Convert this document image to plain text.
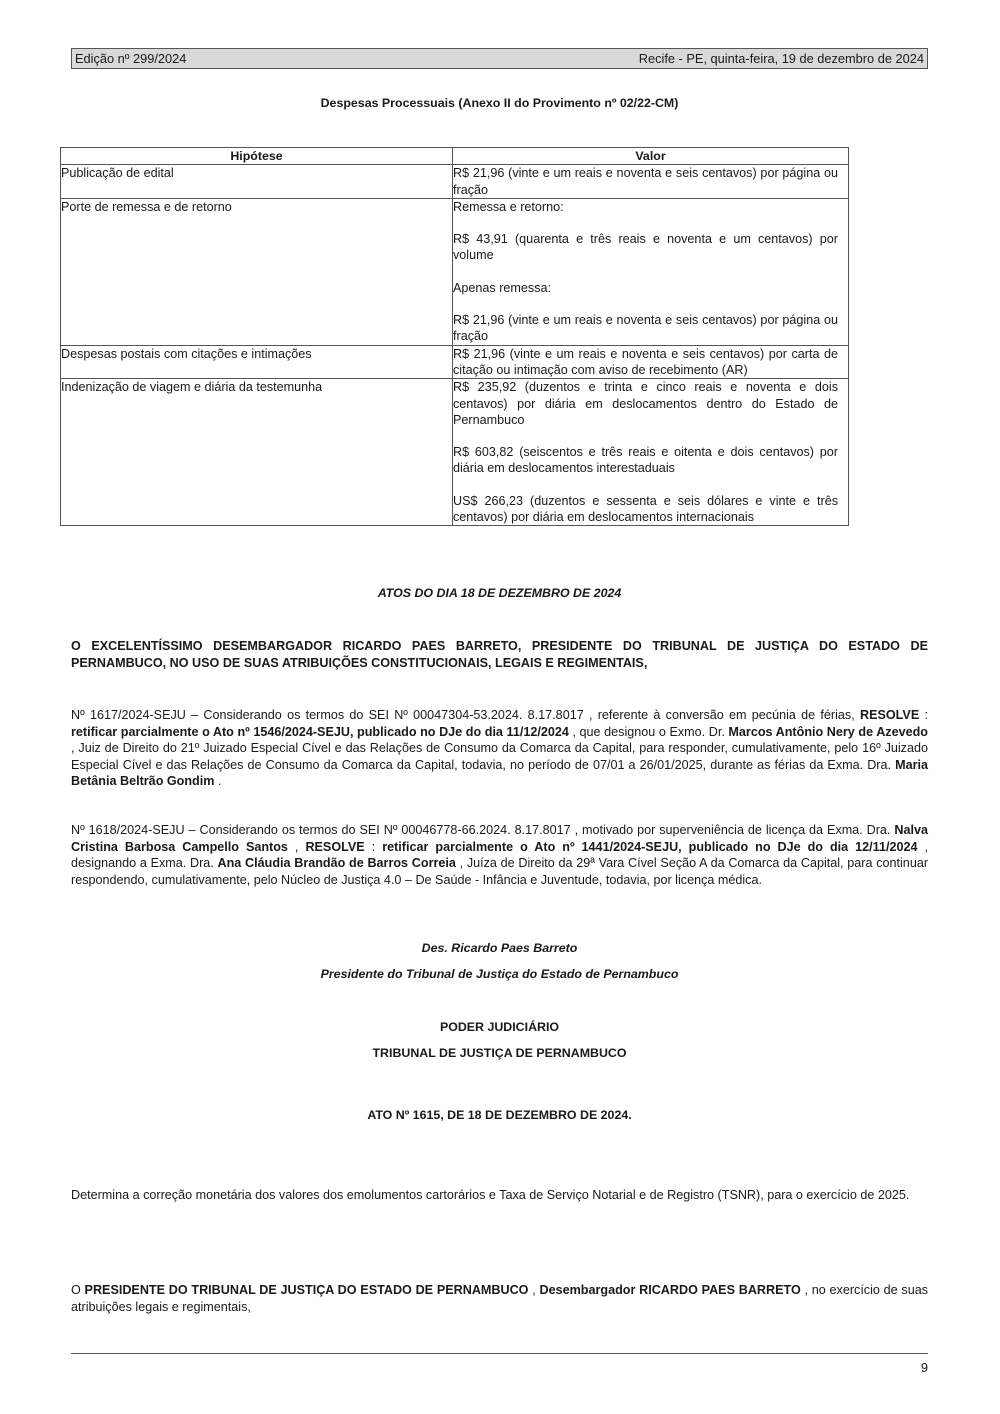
Edição nº 299/2024	Recife - PE, quinta-feira, 19 de dezembro de 2024
Despesas Processuais (Anexo II do Provimento nº 02/22-CM)
Hipótese	Valor
Publicação de edital	R$ 21,96 (vinte e um reais e noventa e seis centavos) por página ou fração

Porte de remessa e de retorno	Remessa e retorno:

R$ 43,91 (quarenta e três reais e noventa e um centavos) por volume

Apenas remessa:

R$ 21,96 (vinte e um reais e noventa e seis centavos) por página ou fração

Despesas postais com citações e intimações	R$ 21,96 (vinte e um reais e noventa e seis centavos) por carta de citação ou intimação com aviso de recebimento (AR)

Indenização de viagem e diária da testemunha	R$ 235,92 (duzentos e trinta e cinco reais e noventa e dois centavos) por diária em deslocamentos dentro do Estado de Pernambuco

R$ 603,82 (seiscentos e três reais e oitenta e dois centavos) por diária em deslocamentos interestaduais

US$ 266,23 (duzentos e sessenta e seis dólares e vinte e três centavos) por diária em deslocamentos internacionais

ATOS DO DIA 18 DE DEZEMBRO DE 2024
O EXCELENTÍSSIMO DESEMBARGADOR RICARDO PAES BARRETO, PRESIDENTE DO TRIBUNAL DE JUSTIÇA DO ESTADO DE PERNAMBUCO, NO USO DE SUAS ATRIBUIÇÕES CONSTITUCIONAIS, LEGAIS E REGIMENTAIS,
Nº 1617/2024-SEJU – Considerando os termos do SEI Nº 00047304-53.2024. 8.17.8017 , referente à conversão em pecúnia de férias, RESOLVE : retificar parcialmente o Ato nº 1546/2024-SEJU, publicado no DJe do dia 11/12/2024 , que designou o Exmo. Dr. Marcos Antônio Nery de Azevedo , Juiz de Direito do 21º Juizado Especial Cível e das Relações de Consumo da Comarca da Capital, para responder, cumulativamente, pelo 16º Juizado Especial Cível e das Relações de Consumo da Comarca da Capital, todavia, no período de 07/01 a 26/01/2025, durante as férias da Exma. Dra. Maria Betânia Beltrão Gondim .
Nº 1618/2024-SEJU – Considerando os termos do SEI Nº 00046778-66.2024. 8.17.8017 , motivado por superveniência de licença da Exma. Dra. Nalva Cristina Barbosa Campello Santos , RESOLVE : retificar parcialmente o Ato nº 1441/2024-SEJU, publicado no DJe do dia 12/11/2024 , designando a Exma. Dra. Ana Cláudia Brandão de Barros Correia , Juíza de Direito da 29ª Vara Cível Seção A da Comarca da Capital, para continuar respondendo, cumulativamente, pelo Núcleo de Justiça 4.0 – De Saúde - Infância e Juventude, todavia, por licença médica.
Des. Ricardo Paes Barreto
Presidente do Tribunal de Justiça do Estado de Pernambuco
PODER JUDICIÁRIO
TRIBUNAL DE JUSTIÇA DE PERNAMBUCO
ATO Nº 1615, DE 18 DE DEZEMBRO DE 2024.
Determina a correção monetária dos valores dos emolumentos cartorários e Taxa de Serviço Notarial e de Registro (TSNR), para o exercício de 2025.
O PRESIDENTE DO TRIBUNAL DE JUSTIÇA DO ESTADO DE PERNAMBUCO , Desembargador RICARDO PAES BARRETO , no exercício de suas atribuições legais e regimentais,
9
